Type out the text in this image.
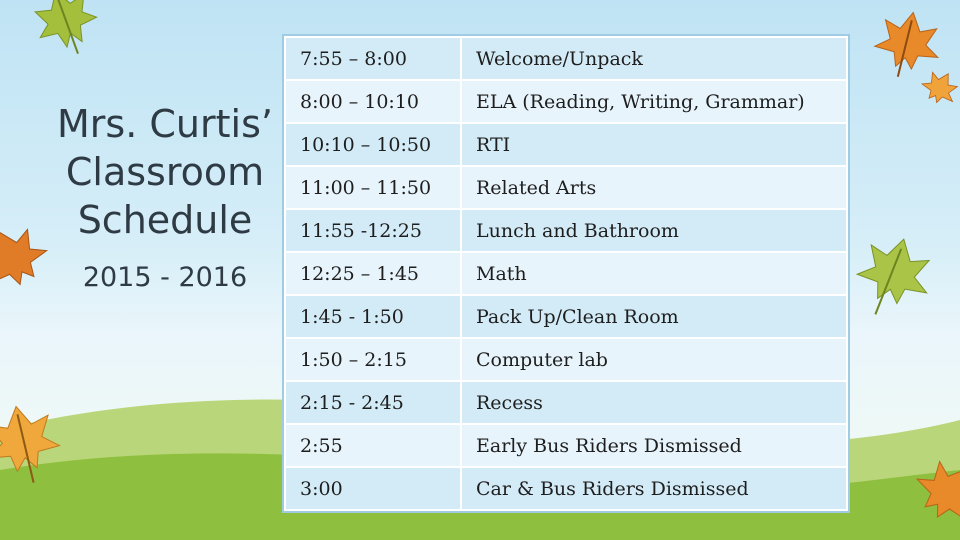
Mrs. Curtis’
Classroom
Schedule
2015 - 2016
7:55 – 8:00	Welcome/Unpack
8:00 – 10:10	ELA (Reading, Writing, Grammar)
10:10 – 10:50	RTI
11:00 – 11:50	Related Arts
11:55 -12:25	Lunch and Bathroom
12:25 – 1:45	Math
1:45 - 1:50	Pack Up/Clean Room
1:50 – 2:15	Computer lab
2:15 - 2:45	Recess
2:55	Early Bus Riders Dismissed
3:00	Car & Bus Riders Dismissed
